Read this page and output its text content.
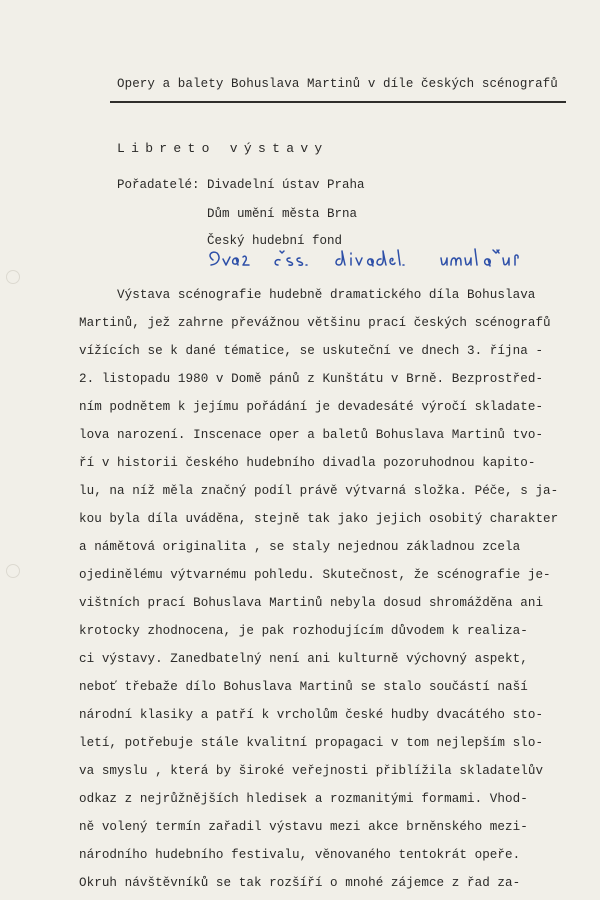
Opery a balety Bohuslava Martinů v díle českých scénografů
Libreto výstavy
Pořadatelé: Divadelní ústav Praha
Dům umění města Brna
Český hudební fond
Výstava scénografie hudebně dramatického díla Bohuslava
Martinů, jež zahrne převážnou většinu prací českých scénografů
vížících se k dané tématice, se uskuteční ve dnech 3. října -
2. listopadu 1980 v Domě pánů z Kunštátu v Brně. Bezprostřed-
ním podnětem k jejímu pořádání je devadesáté výročí skladate-
lova narození. Inscenace oper a baletů Bohuslava Martinů tvo-
ří v historii českého hudebního divadla pozoruhodnou kapito-
lu, na níž měla značný podíl právě výtvarná složka. Péče, s ja-
kou byla díla uváděna, stejně tak jako jejich osobitý charakter
a námětová originalita , se staly nejednou základnou zcela
ojedinělému výtvarnému pohledu. Skutečnost, že scénografie je-
vištních prací Bohuslava Martinů nebyla dosud shromážděna ani
krotocky zhodnocena, je pak rozhodujícím důvodem k realiza-
ci výstavy. Zanedbatelný není ani kulturně výchovný aspekt,
neboť třebaže dílo Bohuslava Martinů se stalo součástí naší
národní klasiky a patří k vrcholům české hudby dvacátého sto-
letí, potřebuje stále kvalitní propagaci v tom nejlepším slo-
va smyslu , která by široké veřejnosti přiblížila skladatelův
odkaz z nejrůžnějších hledisek a rozmanitými formami. Vhod-
ně volený termín zařadil výstavu mezi akce brněnského mezi-
národního hudebního festivalu, věnovaného tentokrát opeře.
Okruh návštěvníků se tak rozšíří o mnohé zájemce z řad za-
